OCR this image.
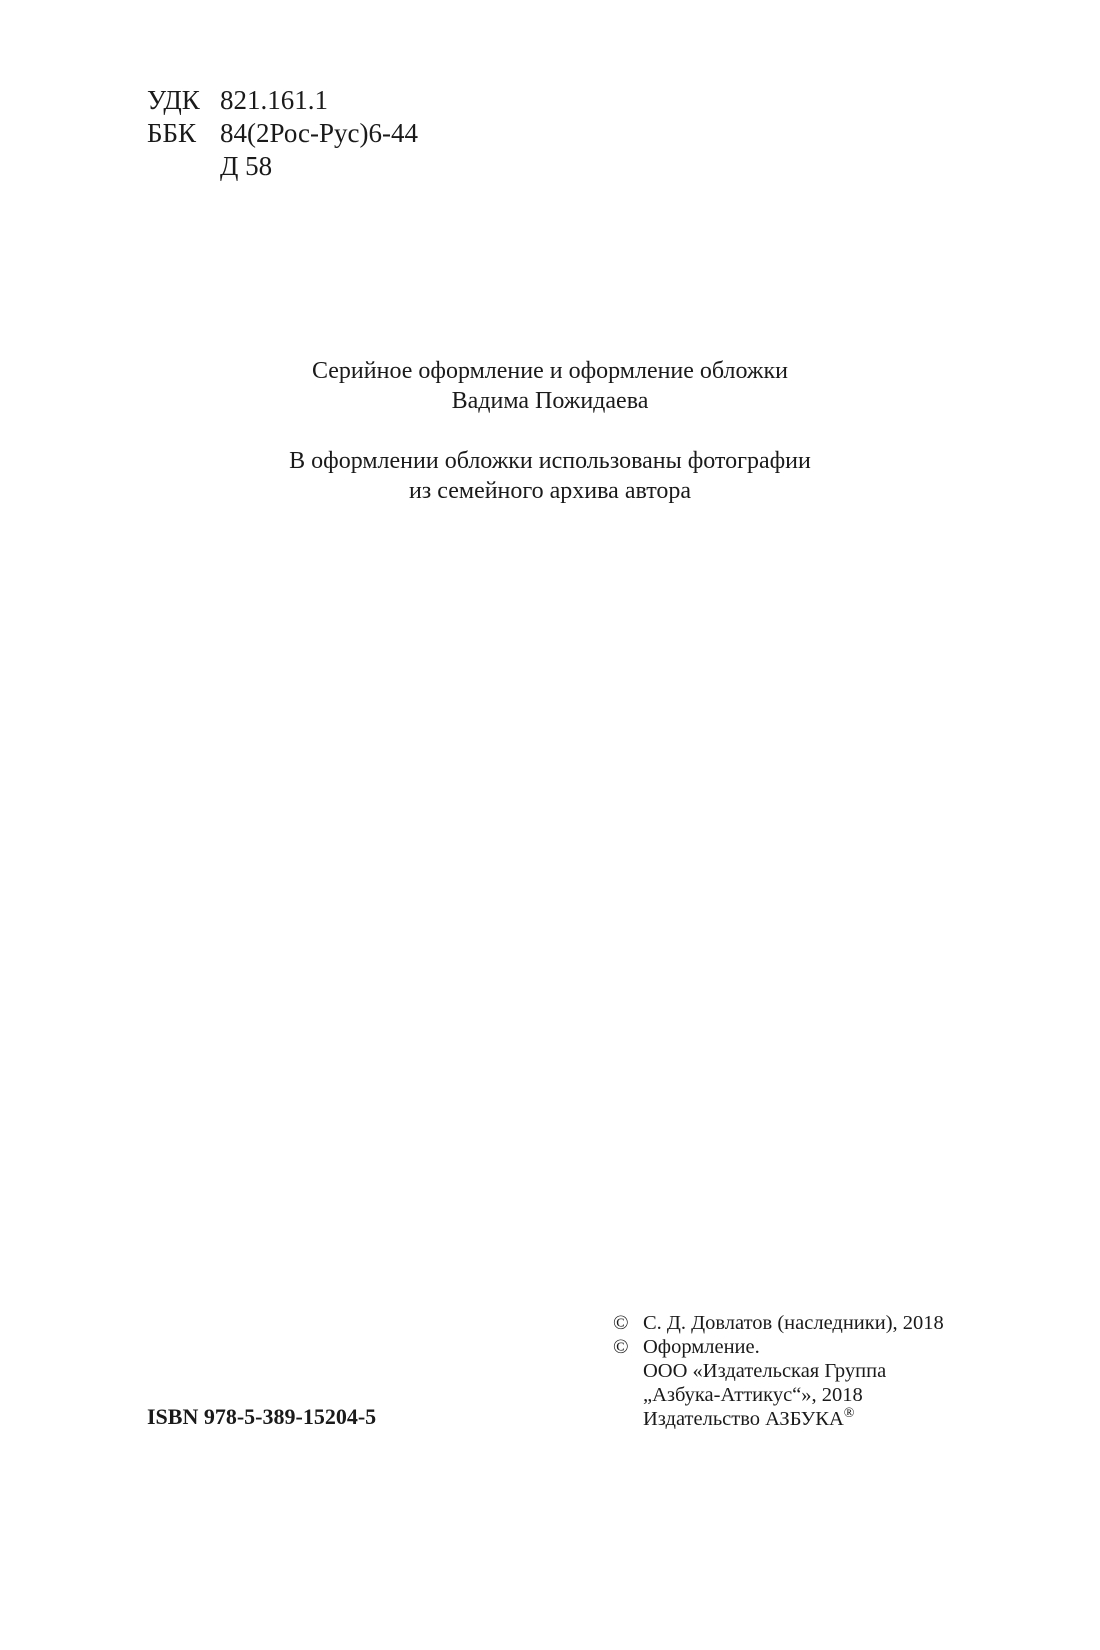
УДК 821.161.1
ББК 84(2Рос-Рус)6-44
Д 58
Серийное оформление и оформление обложки
Вадима Пожидаева
В оформлении обложки использованы фотографии
из семейного архива автора
© С. Д. Довлатов (наследники), 2018
© Оформление.
ООО «Издательская Группа
„Азбука-Аттикус“», 2018
Издательство АЗБУКА®
ISBN 978-5-389-15204-5
